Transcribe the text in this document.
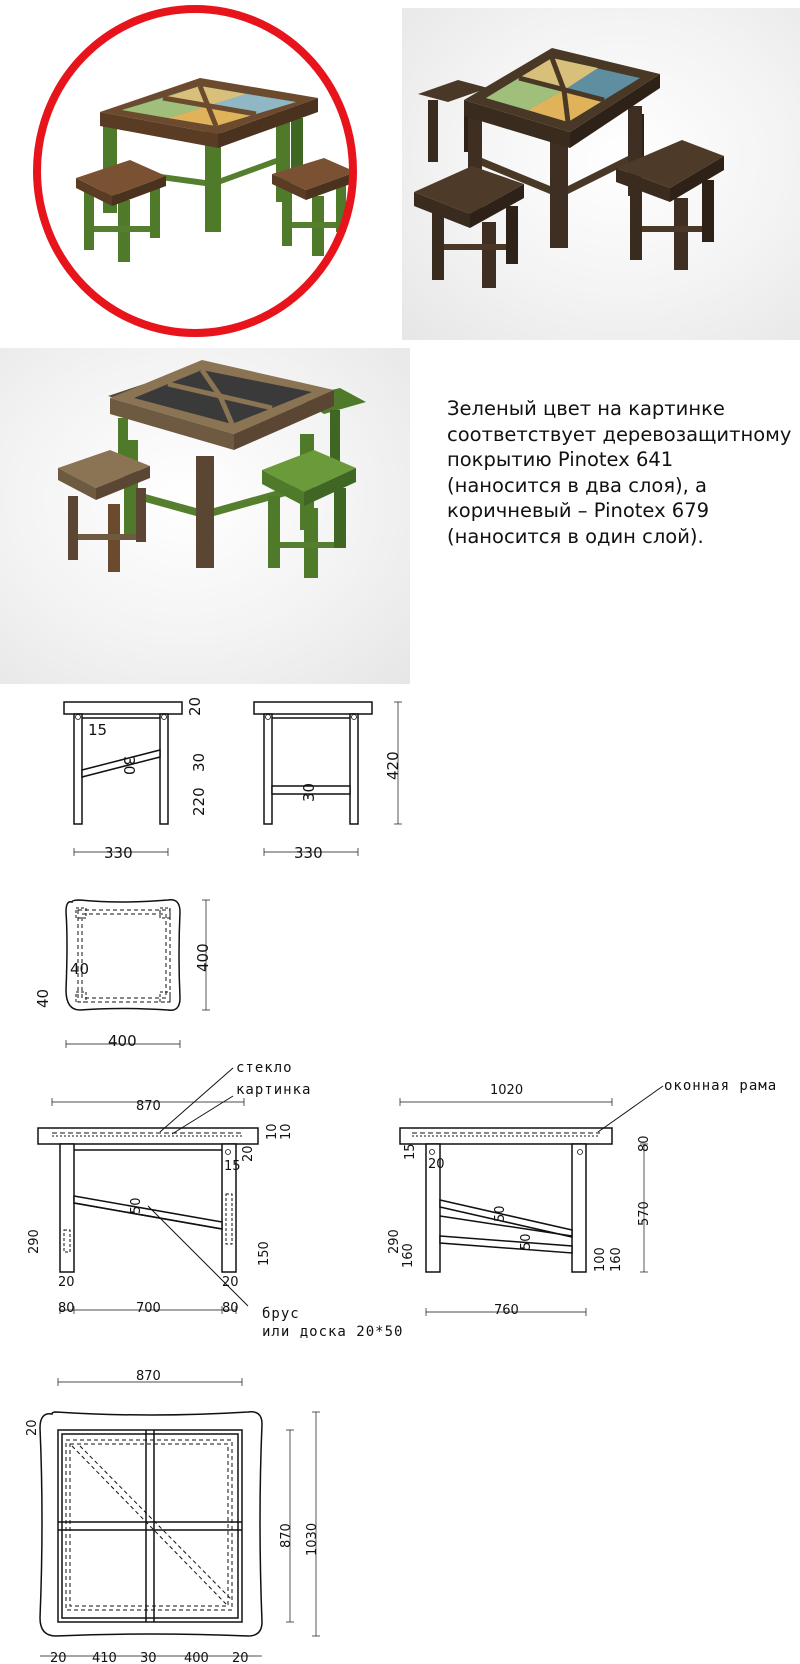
Зеленый цвет на картинке
соответствует деревозащитному
покрытию Pinotex 641
(наносится в два слоя), а
коричневый – Pinotex 679
(наносится в один слой).
15
20
30	30
220
330
30
420
330
40
40
400
400
стекло
картинка
870
10 10
20
15
50
290
20	20
150
80	700	80 брус
или доска 20*50
1020	оконная рама
80
15
20
50
50
290
160	100 160
570
760
870
20
870 1030
20 410 30 400 20
